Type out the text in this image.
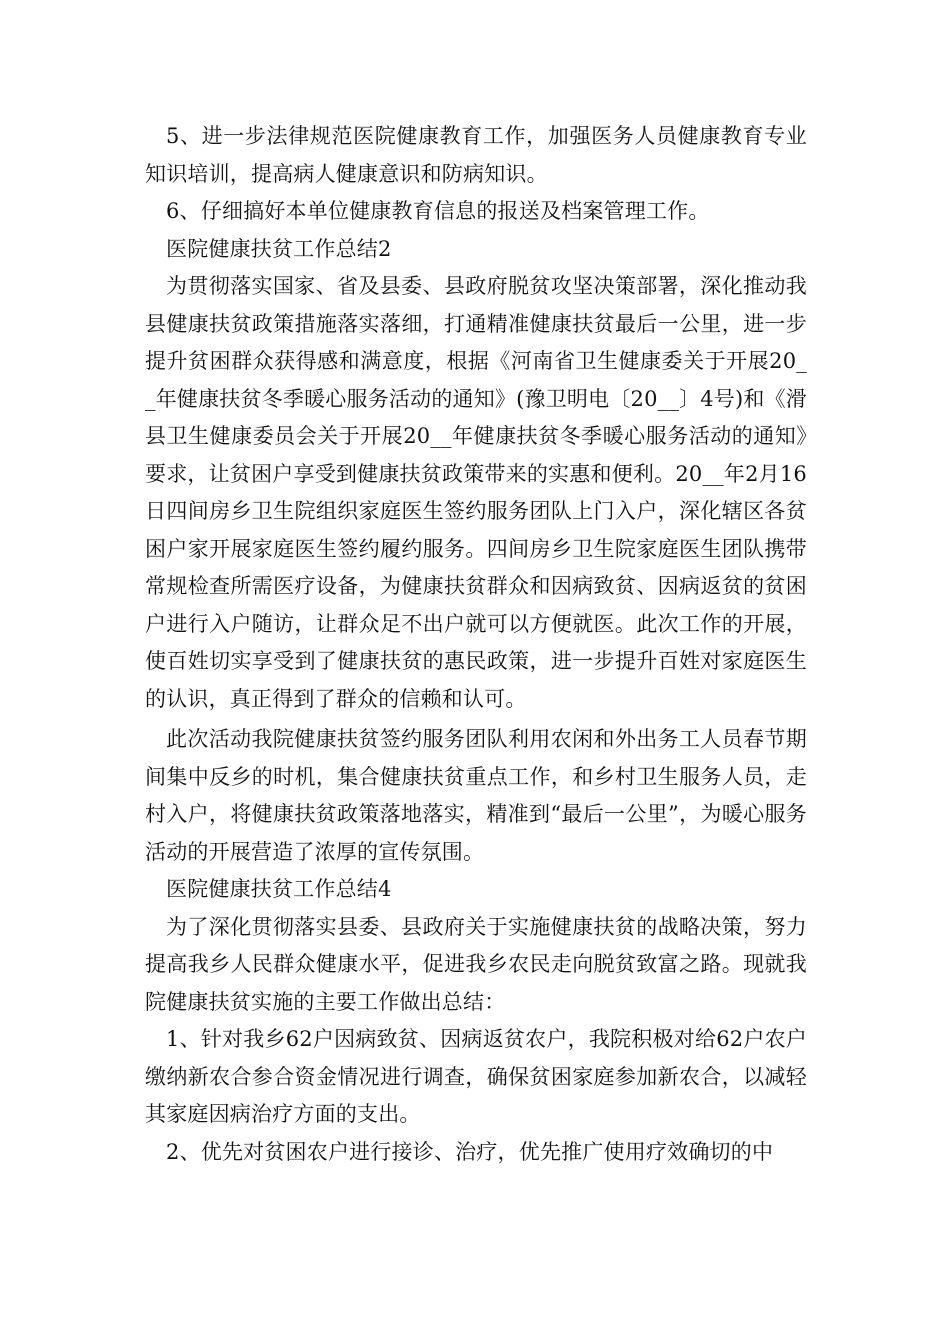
5、进一步法律规范医院健康教育工作，加强医务人员健康教育专业知识培训，提高病人健康意识和防病知识。

6、仔细搞好本单位健康教育信息的报送及档案管理工作。

医院健康扶贫工作总结2

为贯彻落实国家、省及县委、县政府脱贫攻坚决策部署，深化推动我县健康扶贫政策措施落实落细，打通精准健康扶贫最后一公里，进一步提升贫困群众获得感和满意度，根据《河南省卫生健康委关于开展20__年健康扶贫冬季暖心服务活动的通知》(豫卫明电〔20__〕4号)和《滑县卫生健康委员会关于开展20__年健康扶贫冬季暖心服务活动的通知》要求，让贫困户享受到健康扶贫政策带来的实惠和便利。20__年2月16日四间房乡卫生院组织家庭医生签约服务团队上门入户，深化辖区各贫困户家开展家庭医生签约履约服务。四间房乡卫生院家庭医生团队携带常规检查所需医疗设备，为健康扶贫群众和因病致贫、因病返贫的贫困户进行入户随访，让群众足不出户就可以方便就医。此次工作的开展，使百姓切实享受到了健康扶贫的惠民政策，进一步提升百姓对家庭医生的认识，真正得到了群众的信赖和认可。

此次活动我院健康扶贫签约服务团队利用农闲和外出务工人员春节期间集中反乡的时机，集合健康扶贫重点工作，和乡村卫生服务人员，走村入户，将健康扶贫政策落地落实，精准到“最后一公里”，为暖心服务活动的开展营造了浓厚的宣传氛围。

医院健康扶贫工作总结4

为了深化贯彻落实县委、县政府关于实施健康扶贫的战略决策，努力提高我乡人民群众健康水平，促进我乡农民走向脱贫致富之路。现就我院健康扶贫实施的主要工作做出总结：

1、针对我乡62户因病致贫、因病返贫农户，我院积极对给62户农户缴纳新农合参合资金情况进行调查，确保贫困家庭参加新农合，以减轻其家庭因病治疗方面的支出。

2、优先对贫困农户进行接诊、治疗，优先推广使用疗效确切的中
